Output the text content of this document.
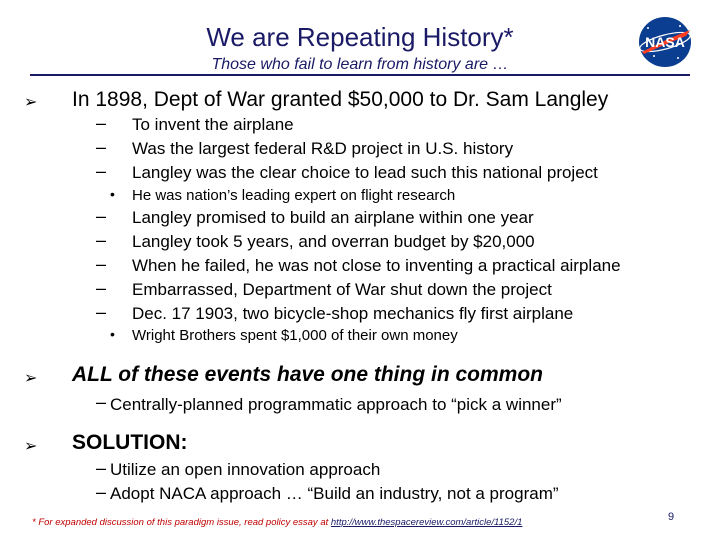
We are Repeating History*
Those who fail to learn from history are …
NASA
➢ In 1898, Dept of War granted $50,000 to Dr. Sam Langley
– To invent the airplane
– Was the largest federal R&D project in U.S. history
– Langley was the clear choice to lead such this national project
• He was nation’s leading expert on flight research
– Langley promised to build an airplane within one year
– Langley took 5 years, and overran budget by $20,000
– When he failed, he was not close to inventing a practical airplane
– Embarrassed, Department of War shut down the project
– Dec. 17 1903, two bicycle-shop mechanics fly first airplane
• Wright Brothers spent $1,000 of their own money
➢ ALL of these events have one thing in common
– Centrally-planned programmatic approach to “pick a winner”
➢ SOLUTION:
– Utilize an open innovation approach
– Adopt NACA approach … “Build an industry, not a program”
* For expanded discussion of this paradigm issue, read policy essay at http://www.thespacereview.com/article/1152/1	9
